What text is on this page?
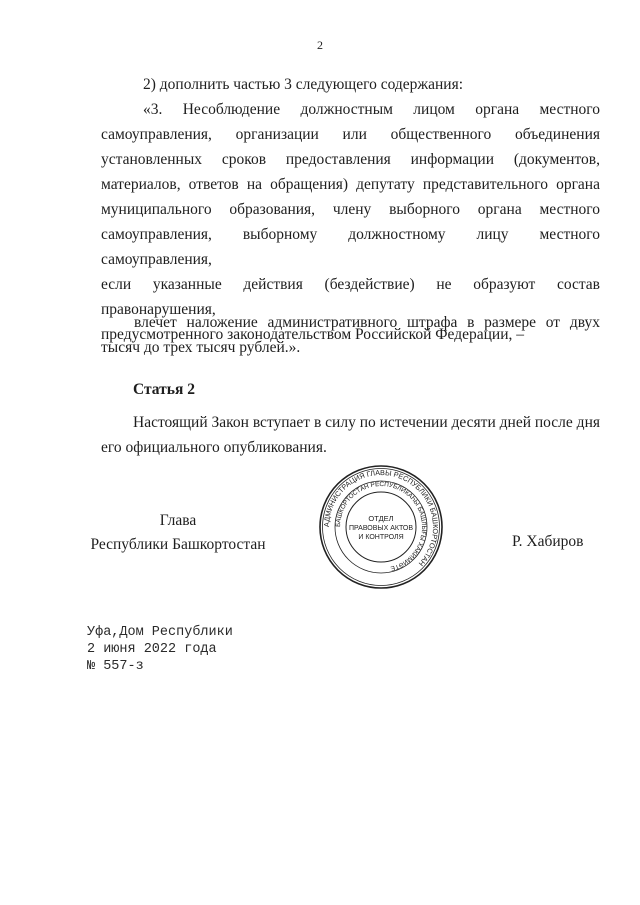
2
2) дополнить частью 3 следующего содержания:
«3. Несоблюдение должностным лицом органа местного
самоуправления, организации или общественного объединения
установленных сроков предоставления информации (документов,
материалов, ответов на обращения) депутату представительного органа
муниципального образования, члену выборного органа местного
самоуправления, выборному должностному лицу местного самоуправления,
если указанные действия (бездействие) не образуют состав правонарушения,
предусмотренного законодательством Российской Федерации, –
влечет наложение административного штрафа в размере от двух тысяч до трех тысяч рублей.».
Статья 2
Настоящий Закон вступает в силу по истечении десяти дней после дня его официального опубликования.
Глава
Республики Башкортостан
АДМИНИСТРАЦИЯ ГЛАВЫ РЕСПУБЛИКИ БАШКОРТОСТАН
БАШКОРТОСТАН РЕСПУБЛИКАҺЫ БАШЛЫҒЫ ХАКИМИӘТЕ
ОТДЕЛ
ПРАВОВЫХ АКТОВ
И КОНТРОЛЯ	Р. Хабиров
Уфа,Дом Республики
2 июня 2022 года
№ 557-з
